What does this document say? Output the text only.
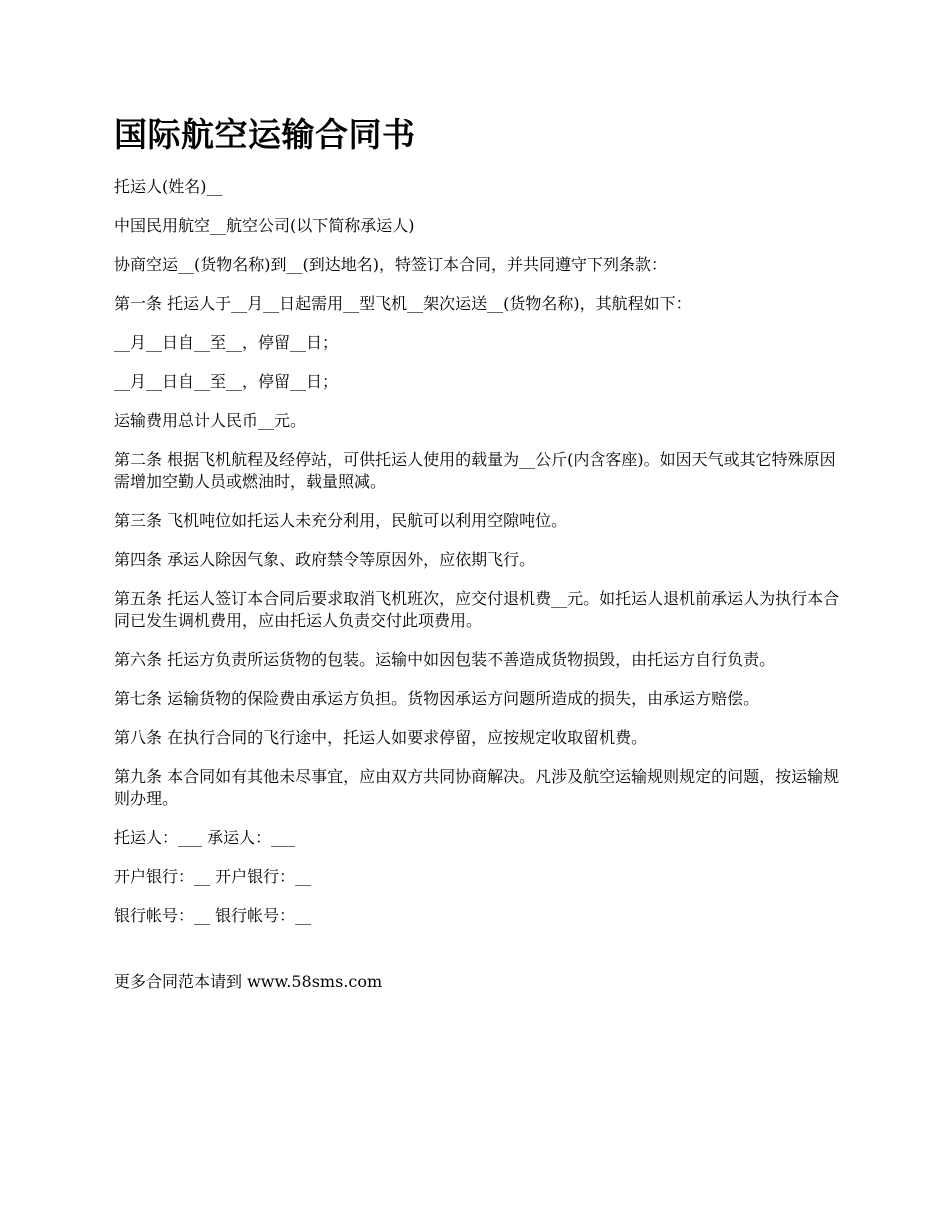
国际航空运输合同书

托运人(姓名)__

中国民用航空__航空公司(以下简称承运人)

协商空运__(货物名称)到__(到达地名)，特签订本合同，并共同遵守下列条款：

第一条 托运人于__月__日起需用__型飞机__架次运送__(货物名称)，其航程如下：

__月__日自__至__，停留__日；

__月__日自__至__，停留__日；

运输费用总计人民币__元。

第二条 根据飞机航程及经停站，可供托运人使用的载量为__公斤(内含客座)。如因天气或其它特殊原因需增加空勤人员或燃油时，载量照减。

第三条 飞机吨位如托运人未充分利用，民航可以利用空隙吨位。

第四条 承运人除因气象、政府禁令等原因外，应依期飞行。

第五条 托运人签订本合同后要求取消飞机班次，应交付退机费__元。如托运人退机前承运人为执行本合同已发生调机费用，应由托运人负责交付此项费用。

第六条 托运方负责所运货物的包装。运输中如因包装不善造成货物损毁，由托运方自行负责。

第七条 运输货物的保险费由承运方负担。货物因承运方问题所造成的损失，由承运方赔偿。

第八条 在执行合同的飞行途中，托运人如要求停留，应按规定收取留机费。

第九条 本合同如有其他未尽事宜，应由双方共同协商解决。凡涉及航空运输规则规定的问题，按运输规则办理。

托运人：___ 承运人：___

开户银行：__ 开户银行：__

银行帐号：__ 银行帐号：__

更多合同范本请到 www.58sms.com
